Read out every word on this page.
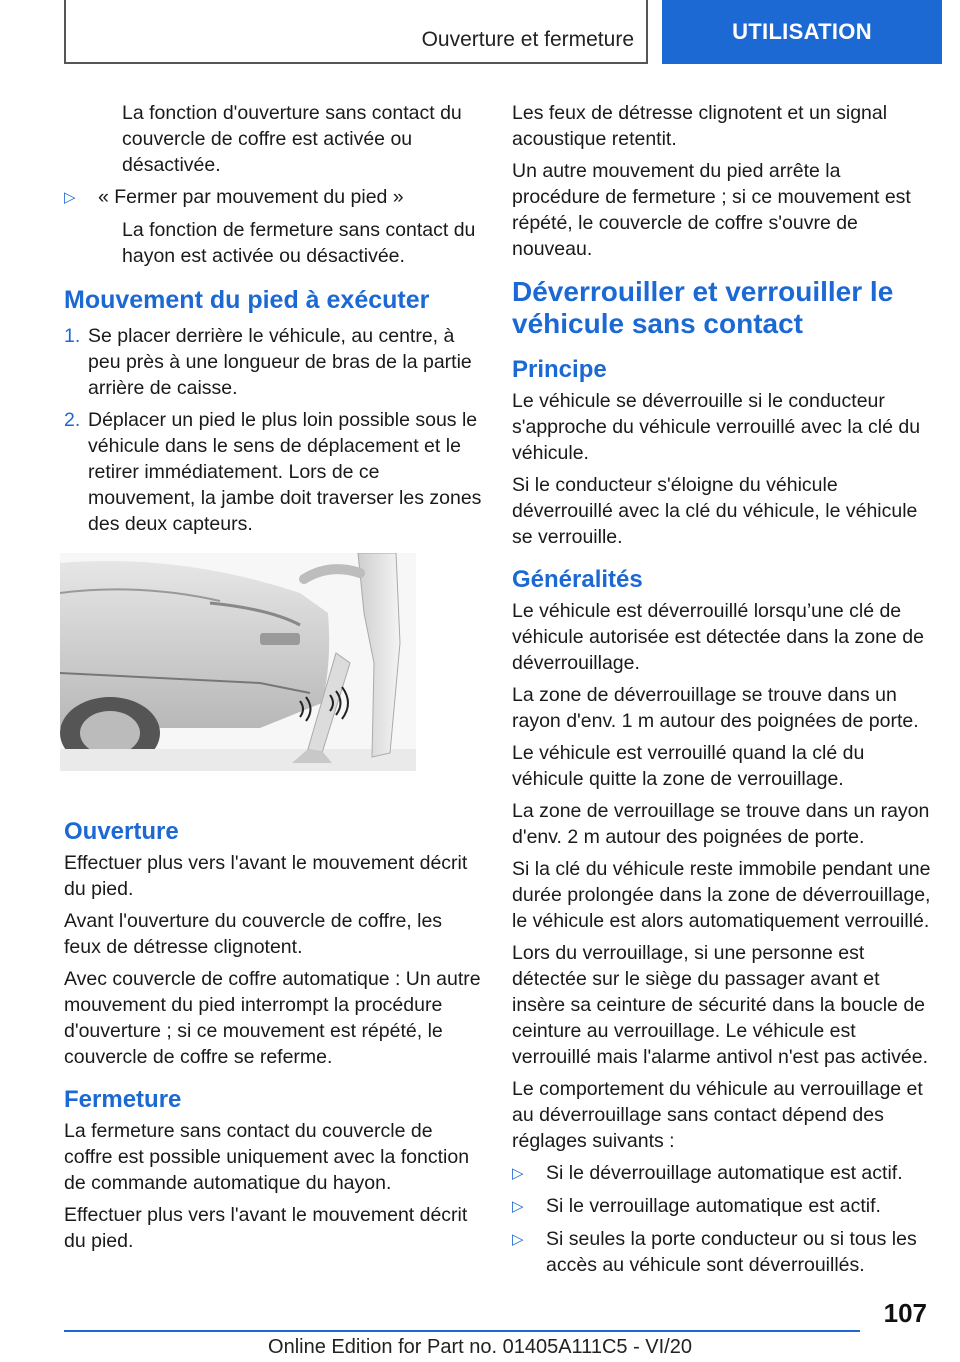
Ouverture et fermeture	UTILISATION

La fonction d'ouverture sans contact du couvercle de coffre est activée ou désactivée.

▷	« Fermer par mouvement du pied »

La fonction de fermeture sans contact du hayon est activée ou désactivée.

Mouvement du pied à exécuter
1. Se placer derrière le véhicule, au centre, à peu près à une longueur de bras de la partie arrière de caisse.
2. Déplacer un pied le plus loin possible sous le véhicule dans le sens de déplacement et le retirer immédiatement. Lors de ce mouvement, la jambe doit traverser les zones des deux capteurs.
Ouverture

Effectuer plus vers l'avant le mouvement décrit du pied.

Avant l'ouverture du couvercle de coffre, les feux de détresse clignotent.

Avec couvercle de coffre automatique : Un autre mouvement du pied interrompt la procédure d'ouverture ; si ce mouvement est répété, le couvercle de coffre se referme.

Fermeture

La fermeture sans contact du couvercle de coffre est possible uniquement avec la fonction de commande automatique du hayon.

Effectuer plus vers l'avant le mouvement décrit du pied.

Les feux de détresse clignotent et un signal acoustique retentit.

Un autre mouvement du pied arrête la procédure de fermeture ; si ce mouvement est répété, le couvercle de coffre s'ouvre de nouveau.

Déverrouiller et verrouiller le véhicule sans contact
Principe

Le véhicule se déverrouille si le conducteur s'approche du véhicule verrouillé avec la clé du véhicule.

Si le conducteur s'éloigne du véhicule déverrouillé avec la clé du véhicule, le véhicule se verrouille.

Généralités

Le véhicule est déverrouillé lorsqu’une clé de véhicule autorisée est détectée dans la zone de déverrouillage.

La zone de déverrouillage se trouve dans un rayon d'env. 1 m autour des poignées de porte.

Le véhicule est verrouillé quand la clé du véhicule quitte la zone de verrouillage.

La zone de verrouillage se trouve dans un rayon d'env. 2 m autour des poignées de porte.

Si la clé du véhicule reste immobile pendant une durée prolongée dans la zone de déverrouillage, le véhicule est alors automatiquement verrouillé.

Lors du verrouillage, si une personne est détectée sur le siège du passager avant et insère sa ceinture de sécurité dans la boucle de ceinture au verrouillage. Le véhicule est verrouillé mais l'alarme antivol n'est pas activée.

Le comportement du véhicule au verrouillage et au déverrouillage sans contact dépend des réglages suivants :

▷	Si le déverrouillage automatique est actif.
▷	Si le verrouillage automatique est actif.
▷	Si seules la porte conducteur ou si tous les accès au véhicule sont déverrouillés.
107
Online Edition for Part no. 01405A111C5 - VI/20
